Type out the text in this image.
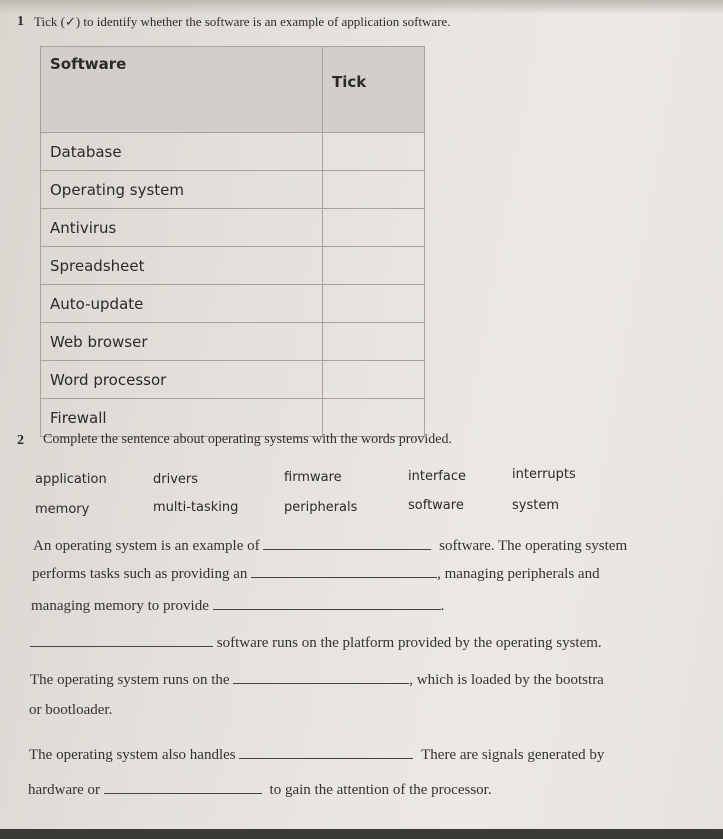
1 Tick (✓) to identify whether the software is an example of application software.
Software	Tick
Database	
Operating system	
Antivirus	
Spreadsheet	
Auto-update	
Web browser	
Word processor	
Firewall	
2 Complete the sentence about operating systems with the words provided.
application	drivers	firmware	interface	interrupts
memory	multi-tasking	peripherals	software	system
An operating system is an example of	software. The operating system
performs tasks such as providing an	, managing peripherals and
managing memory to provide	.
software runs on the platform provided by the operating system.
The operating system runs on the	, which is loaded by the bootstra
or bootloader.
The operating system also handles	There are signals generated by
hardware or	to gain the attention of the processor.
